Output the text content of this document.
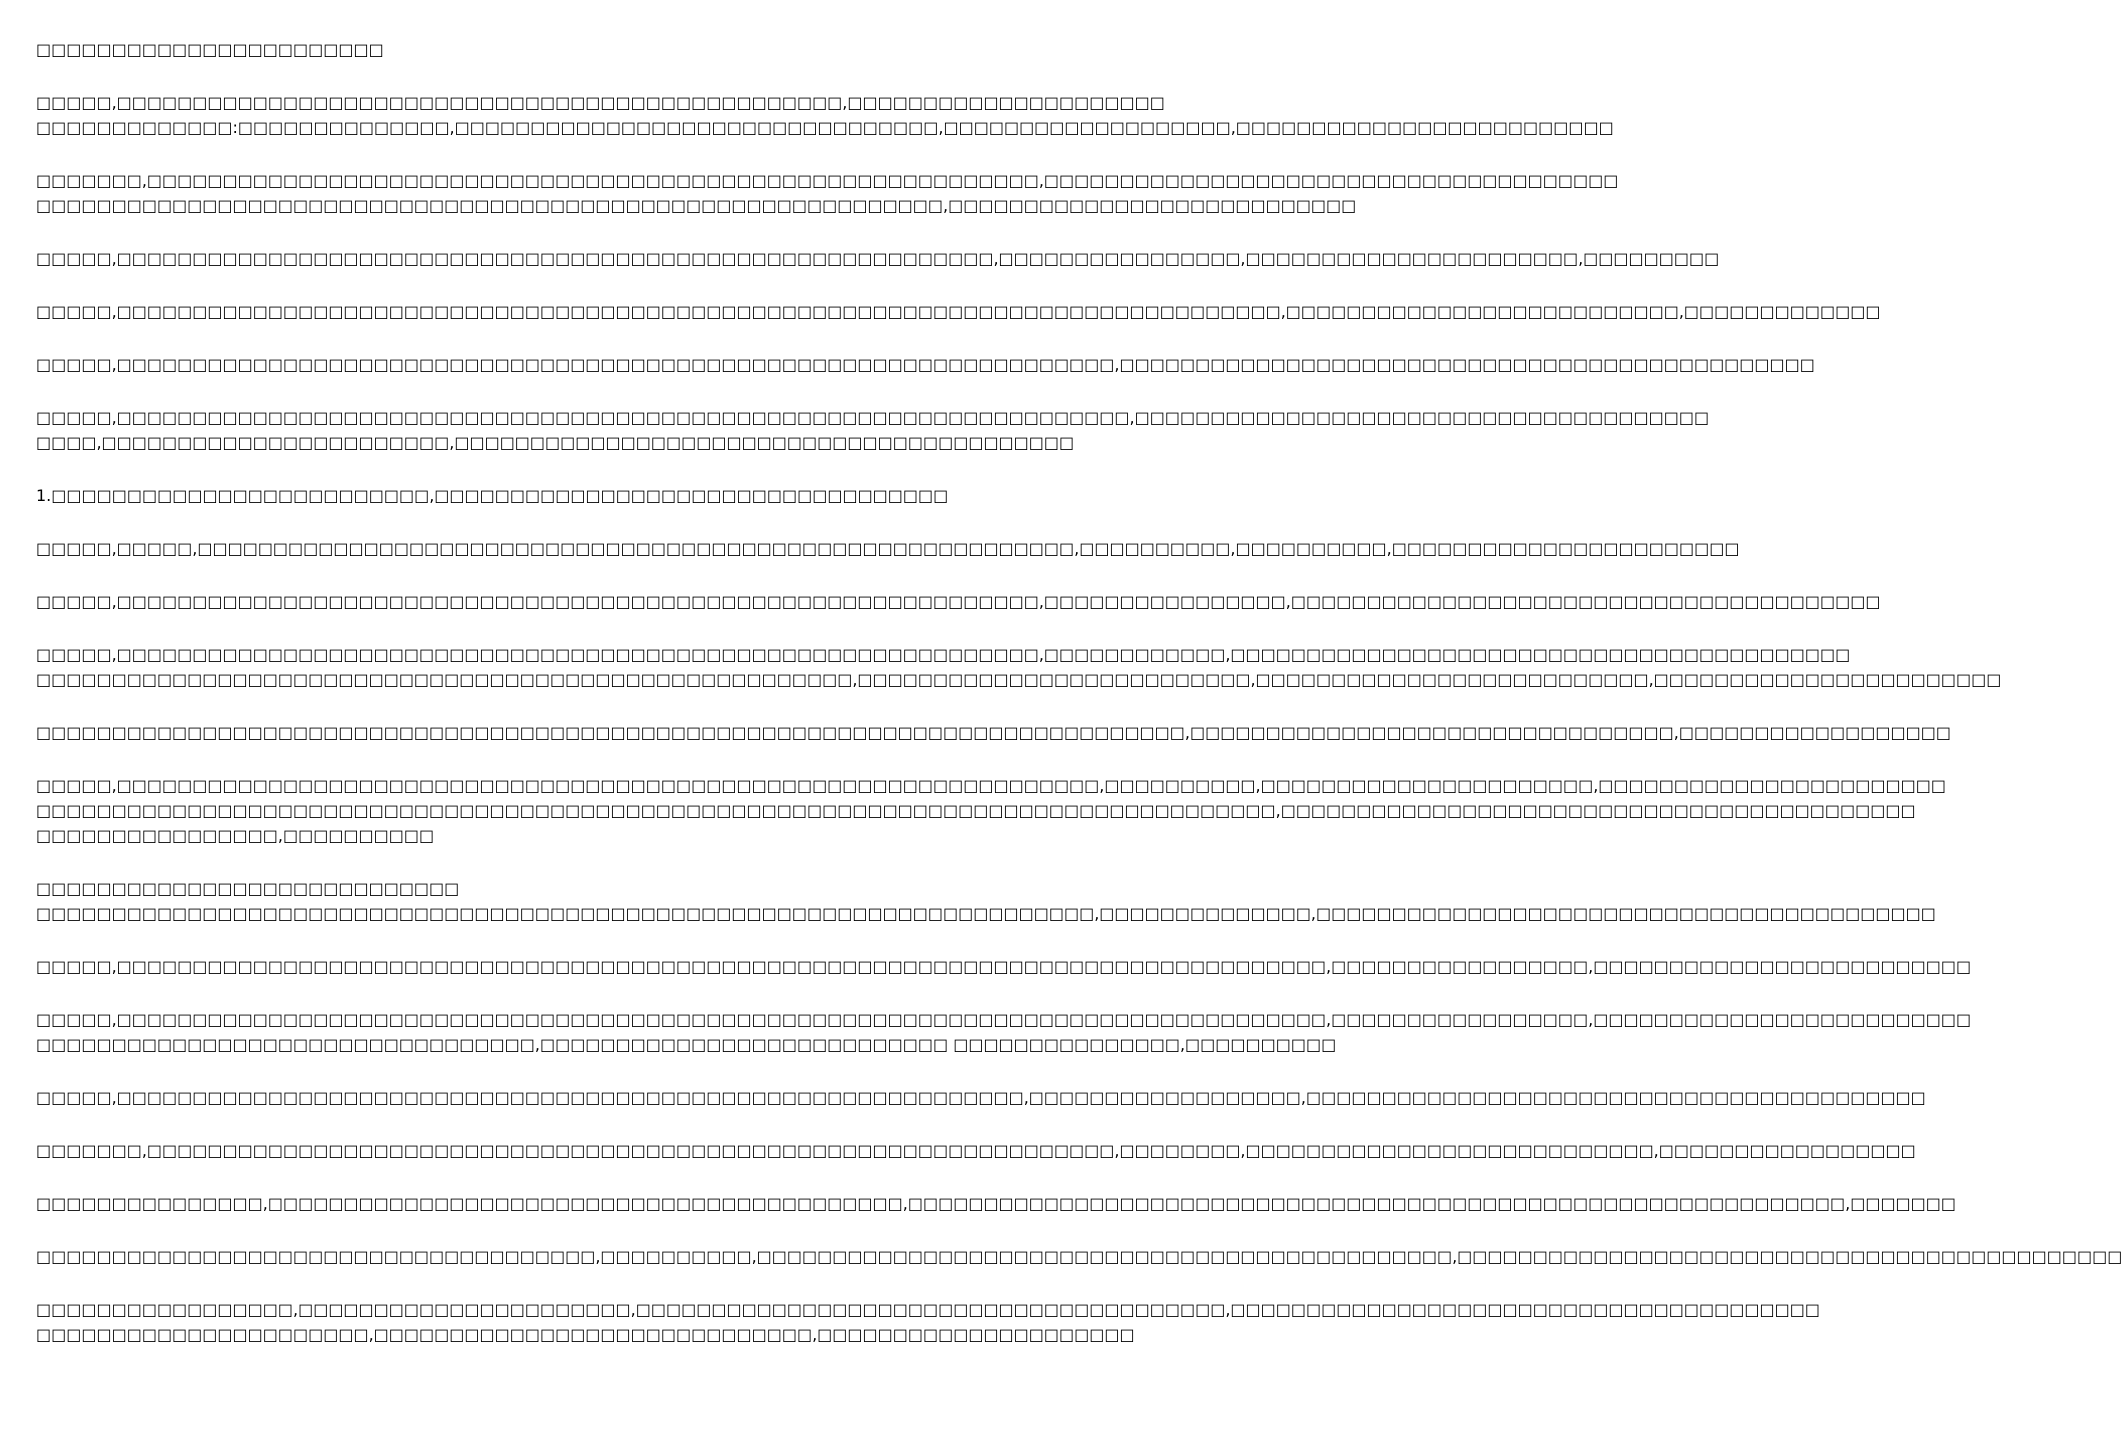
□□□□□□□□□□□□□□□□□□□□□□□
□□□□□,□□□□□□□□□□□□□□□□□□□□□□□□□□□□□□□□□□□□□□□□□□□□□□□□,□□□□□□□□□□□□□□□□□□□□□
□□□□□□□□□□□□□:□□□□□□□□□□□□□□,□□□□□□□□□□□□□□□□□□□□□□□□□□□□□□□□,□□□□□□□□□□□□□□□□□□□,□□□□□□□□□□□□□□□□□□□□□□□□□
□□□□□□□,□□□□□□□□□□□□□□□□□□□□□□□□□□□□□□□□□□□□□□□□□□□□□□□□□□□□□□□□□□□,□□□□□□□□□□□□□□□□□□□□□□□□□□□□□□□□□□□□□□
□□□□□□□□□□□□□□□□□□□□□□□□□□□□□□□□□□□□□□□□□□□□□□□□□□□□□□□□□□□□,□□□□□□□□□□□□□□□□□□□□□□□□□□□
□□□□□,□□□□□□□□□□□□□□□□□□□□□□□□□□□□□□□□□□□□□□□□□□□□□□□□□□□□□□□□□□,□□□□□□□□□□□□□□□□,□□□□□□□□□□□□□□□□□□□□□□,□□□□□□□□□
□□□□□,□□□□□□□□□□□□□□□□□□□□□□□□□□□□□□□□□□□□□□□□□□□□□□□□□□□□□□□□□□□□□□□□□□□□□□□□□□□□□,□□□□□□□□□□□□□□□□□□□□□□□□□□,□□□□□□□□□□□□□
□□□□□,□□□□□□□□□□□□□□□□□□□□□□□□□□□□□□□□□□□□□□□□□□□□□□□□□□□□□□□□□□□□□□□□□□,□□□□□□□□□□□□□□□□□□□□□□□□□□□□□□□□□□□□□□□□□□□□□□
□□□□□,□□□□□□□□□□□□□□□□□□□□□□□□□□□□□□□□□□□□□□□□□□□□□□□□□□□□□□□□□□□□□□□□□□□,□□□□□□□□□□□□□□□□□□□□□□□□□□□□□□□□□□□□□□
□□□□,□□□□□□□□□□□□□□□□□□□□□□□,□□□□□□□□□□□□□□□□□□□□□□□□□□□□□□□□□□□□□□□□□
1.□□□□□□□□□□□□□□□□□□□□□□□□□,□□□□□□□□□□□□□□□□□□□□□□□□□□□□□□□□□□
□□□□□,□□□□□,□□□□□□□□□□□□□□□□□□□□□□□□□□□□□□□□□□□□□□□□□□□□□□□□□□□□□□□□□□,□□□□□□□□□□,□□□□□□□□□□,□□□□□□□□□□□□□□□□□□□□□□□
□□□□□,□□□□□□□□□□□□□□□□□□□□□□□□□□□□□□□□□□□□□□□□□□□□□□□□□□□□□□□□□□□□□,□□□□□□□□□□□□□□□□,□□□□□□□□□□□□□□□□□□□□□□□□□□□□□□□□□□□□□□□
□□□□□,□□□□□□□□□□□□□□□□□□□□□□□□□□□□□□□□□□□□□□□□□□□□□□□□□□□□□□□□□□□□□,□□□□□□□□□□□□,□□□□□□□□□□□□□□□□□□□□□□□□□□□□□□□□□□□□□□□□□
□□□□□□□□□□□□□□□□□□□□□□□□□□□□□□□□□□□□□□□□□□□□□□□□□□□□□□,□□□□□□□□□□□□□□□□□□□□□□□□□□,□□□□□□□□□□□□□□□□□□□□□□□□□□,□□□□□□□□□□□□□□□□□□□□□□□
□□□□□□□□□□□□□□□□□□□□□□□□□□□□□□□□□□□□□□□□□□□□□□□□□□□□□□□□□□□□□□□□□□□□□□□□□□□□,□□□□□□□□□□□□□□□□□□□□□□□□□□□□□□□□,□□□□□□□□□□□□□□□□□□
□□□□□,□□□□□□□□□□□□□□□□□□□□□□□□□□□□□□□□□□□□□□□□□□□□□□□□□□□□□□□□□□□□□□□□□,□□□□□□□□□□,□□□□□□□□□□□□□□□□□□□□□□,□□□□□□□□□□□□□□□□□□□□□□□
□□□□□□□□□□□□□□□□□□□□□□□□□□□□□□□□□□□□□□□□□□□□□□□□□□□□□□□□□□□□□□□□□□□□□□□□□□□□□□□□□□,□□□□□□□□□□□□□□□□□□□□□□□□□□□□□□□□□□□□□□□□□□
□□□□□□□□□□□□□□□□,□□□□□□□□□□
□□□□□□□□□□□□□□□□□□□□□□□□□□□□
□□□□□□□□□□□□□□□□□□□□□□□□□□□□□□□□□□□□□□□□□□□□□□□□□□□□□□□□□□□□□□□□□□□□□□,□□□□□□□□□□□□□□,□□□□□□□□□□□□□□□□□□□□□□□□□□□□□□□□□□□□□□□□□
□□□□□,□□□□□□□□□□□□□□□□□□□□□□□□□□□□□□□□□□□□□□□□□□□□□□□□□□□□□□□□□□□□□□□□□□□□□□□□□□□□□□□□,□□□□□□□□□□□□□□□□□,□□□□□□□□□□□□□□□□□□□□□□□□□
□□□□□,□□□□□□□□□□□□□□□□□□□□□□□□□□□□□□□□□□□□□□□□□□□□□□□□□□□□□□□□□□□□□□□□□□□□□□□□□□□□□□□□,□□□□□□□□□□□□□□□□□,□□□□□□□□□□□□□□□□□□□□□□□□□
□□□□□□□□□□□□□□□□□□□□□□□□□□□□□□□□□,□□□□□□□□□□□□□□□□□□□□□□□□□□□ □□□□□□□□□□□□□□□,□□□□□□□□□□
□□□□□,□□□□□□□□□□□□□□□□□□□□□□□□□□□□□□□□□□□□□□□□□□□□□□□□□□□□□□□□□□□□,□□□□□□□□□□□□□□□□□□,□□□□□□□□□□□□□□□□□□□□□□□□□□□□□□□□□□□□□□□□□
□□□□□□□,□□□□□□□□□□□□□□□□□□□□□□□□□□□□□□□□□□□□□□□□□□□□□□□□□□□□□□□□□□□□□□□□,□□□□□□□□,□□□□□□□□□□□□□□□□□□□□□□□□□□□,□□□□□□□□□□□□□□□□□
□□□□□□□□□□□□□□□,□□□□□□□□□□□□□□□□□□□□□□□□□□□□□□□□□□□□□□□□□□,□□□□□□□□□□□□□□□□□□□□□□□□□□□□□□□□□□□□□□□□□□□□□□□□□□□□□□□□□□□□□□,□□□□□□□
□□□□□□□□□□□□□□□□□□□□□□□□□□□□□□□□□□□□□,□□□□□□□□□□,□□□□□□□□□□□□□□□□□□□□□□□□□□□□□□□□□□□□□□□□□□□□□□,□□□□□□□□□□□□□□□□□□□□□□□□□□□□□□□□□□□□□□□□□□□□
□□□□□□□□□□□□□□□□□,□□□□□□□□□□□□□□□□□□□□□□,□□□□□□□□□□□□□□□□□□□□□□□□□□□□□□□□□□□□□□□,□□□□□□□□□□□□□□□□□□□□□□□□□□□□□□□□□□□□□□□
□□□□□□□□□□□□□□□□□□□□□□,□□□□□□□□□□□□□□□□□□□□□□□□□□□□□,□□□□□□□□□□□□□□□□□□□□□
